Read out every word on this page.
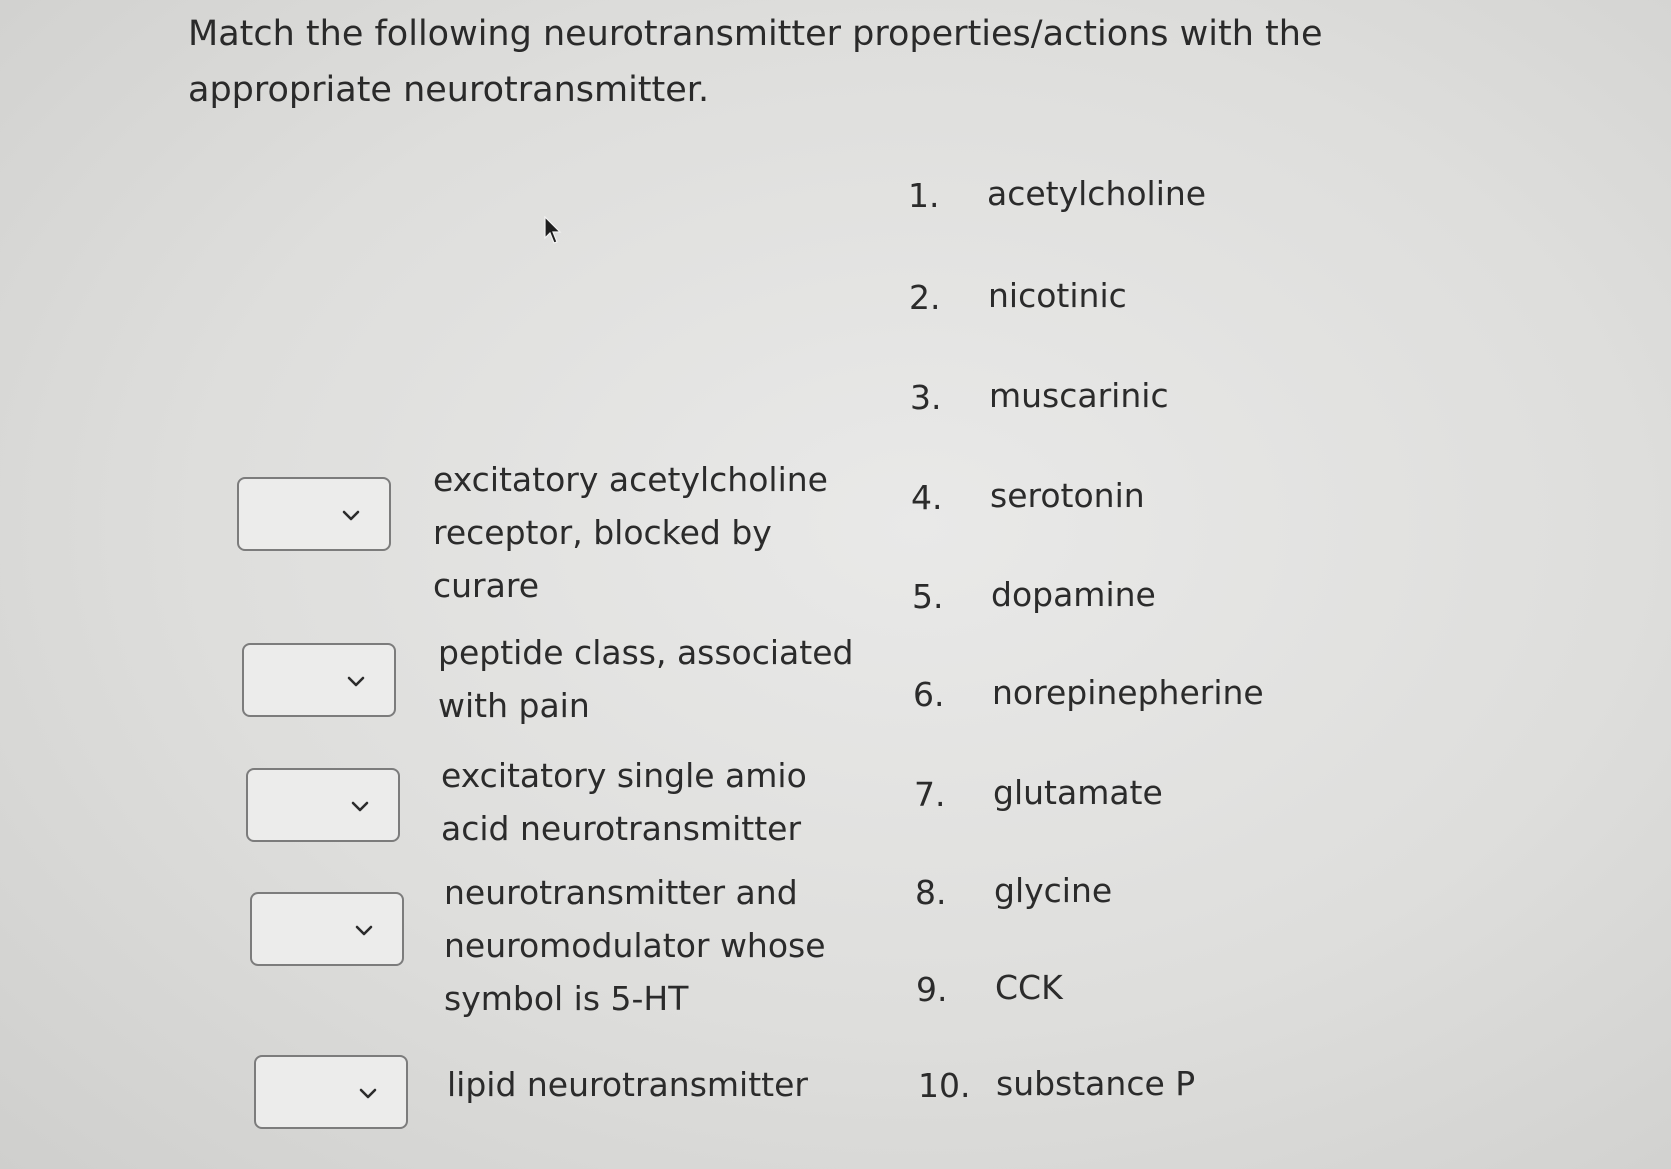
Match the following neurotransmitter properties/actions with the appropriate neurotransmitter.
excitatory acetylcholine receptor, blocked by curare
peptide class, associated with pain
excitatory single amio acid neurotransmitter
neurotransmitter and neuromodulator whose symbol is 5-HT
lipid neurotransmitter
1.	acetylcholine
2.	nicotinic
3.	muscarinic
4.	serotonin
5.	dopamine
6.	norepinepherine
7.	glutamate
8.	glycine
9.	CCK
10. substance P
